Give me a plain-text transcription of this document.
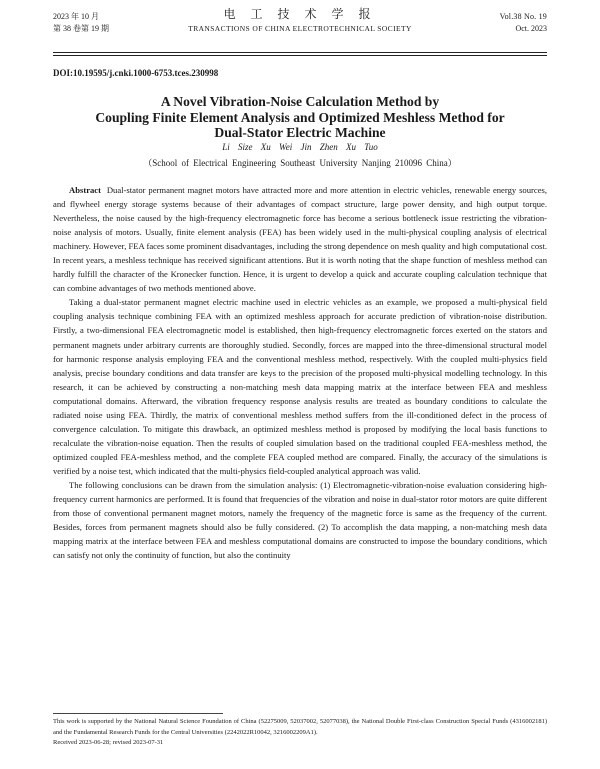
2023 年 10 月	电 工 技 术 学 报	Vol.38 No. 19
第 38 卷第 19 期	TRANSACTIONS OF CHINA ELECTROTECHNICAL SOCIETY	Oct. 2023
DOI:10.19595/j.cnki.1000-6753.tces.230998
A Novel Vibration-Noise Calculation Method by
Coupling Finite Element Analysis and Optimized Meshless Method for
Dual-Stator Electric Machine
Li Size Xu Wei Jin Zhen Xu Tuo
（School of Electrical Engineering Southeast University Nanjing 210096 China）

Abstract Dual-stator permanent magnet motors have attracted more and more attention in electric vehicles, renewable energy sources, and flywheel energy storage systems because of their advantages of compact structure, large power density, and high output torque. Nevertheless, the noise caused by the high-frequency electromagnetic force has become a serious bottleneck issue restricting the vibration-noise analysis of motors. Usually, finite element analysis (FEA) has been widely used in the multi-physical coupling analysis of electrical machinery. However, FEA faces some prominent disadvantages, including the strong dependence on mesh quality and high computational cost. In recent years, a meshless technique has received significant attentions. But it is worth noting that the shape function of meshless method can hardly fulfill the character of the Kronecker function. Hence, it is urgent to develop a quick and accurate coupling calculation technique that can combine advantages of two methods mentioned above.

Taking a dual-stator permanent magnet electric machine used in electric vehicles as an example, we proposed a multi-physical field coupling analysis technique combining FEA with an optimized meshless approach for accurate prediction of vibration-noise distribution. Firstly, a two-dimensional FEA electromagnetic model is established, then high-frequency electromagnetic forces exerted on the stators and permanent magnets under arbitrary currents are thoroughly studied. Secondly, forces are mapped into the three-dimensional structural model for harmonic response analysis employing FEA and the conventional meshless method, respectively. With the coupled multi-physics field analysis, precise boundary conditions and data transfer are keys to the precision of the proposed multi-physical modelling technology. In this research, it can be achieved by constructing a non-matching mesh data mapping matrix at the interface between FEA and meshless computational domains. Afterward, the vibration frequency response analysis results are treated as boundary conditions to calculate the radiated noise using FEA. Thirdly, the matrix of conventional meshless method suffers from the ill-conditioned defect in the process of convergence calculation. To mitigate this drawback, an optimized meshless method is proposed by modifying the local basis functions to recalculate the vibration-noise equation. Then the results of coupled simulation based on the traditional coupled FEA-meshless method, the optimized coupled FEA-meshless method, and the complete FEA coupled method are compared. Finally, the accuracy of the simulations is verified by a noise test, which indicated that the multi-physics field-coupled analytical approach was valid.

The following conclusions can be drawn from the simulation analysis: (1) Electromagnetic-vibration-noise evaluation considering high-frequency current harmonics are performed. It is found that frequencies of the vibration and noise in dual-stator rotor motors are quite different from those of conventional permanent magnet motors, namely the frequency of the magnetic force is same as the frequency of the current. Besides, forces from permanent magnets should also be fully considered. (2) To accomplish the data mapping, a non-matching mesh data mapping matrix at the interface between FEA and meshless computational domains are constructed to impose the boundary conditions, which can satisfy not only the continuity of function, but also the continuity

This work is supported by the National Natural Science Foundation of China (52275009, 52037002, 52077038), the National Double First-class Construction Special Funds (4316002181) and the Fundamental Research Funds for the Central Universities (2242022R10042, 3216002209A1).

Received 2023-06-28; revised 2023-07-31
